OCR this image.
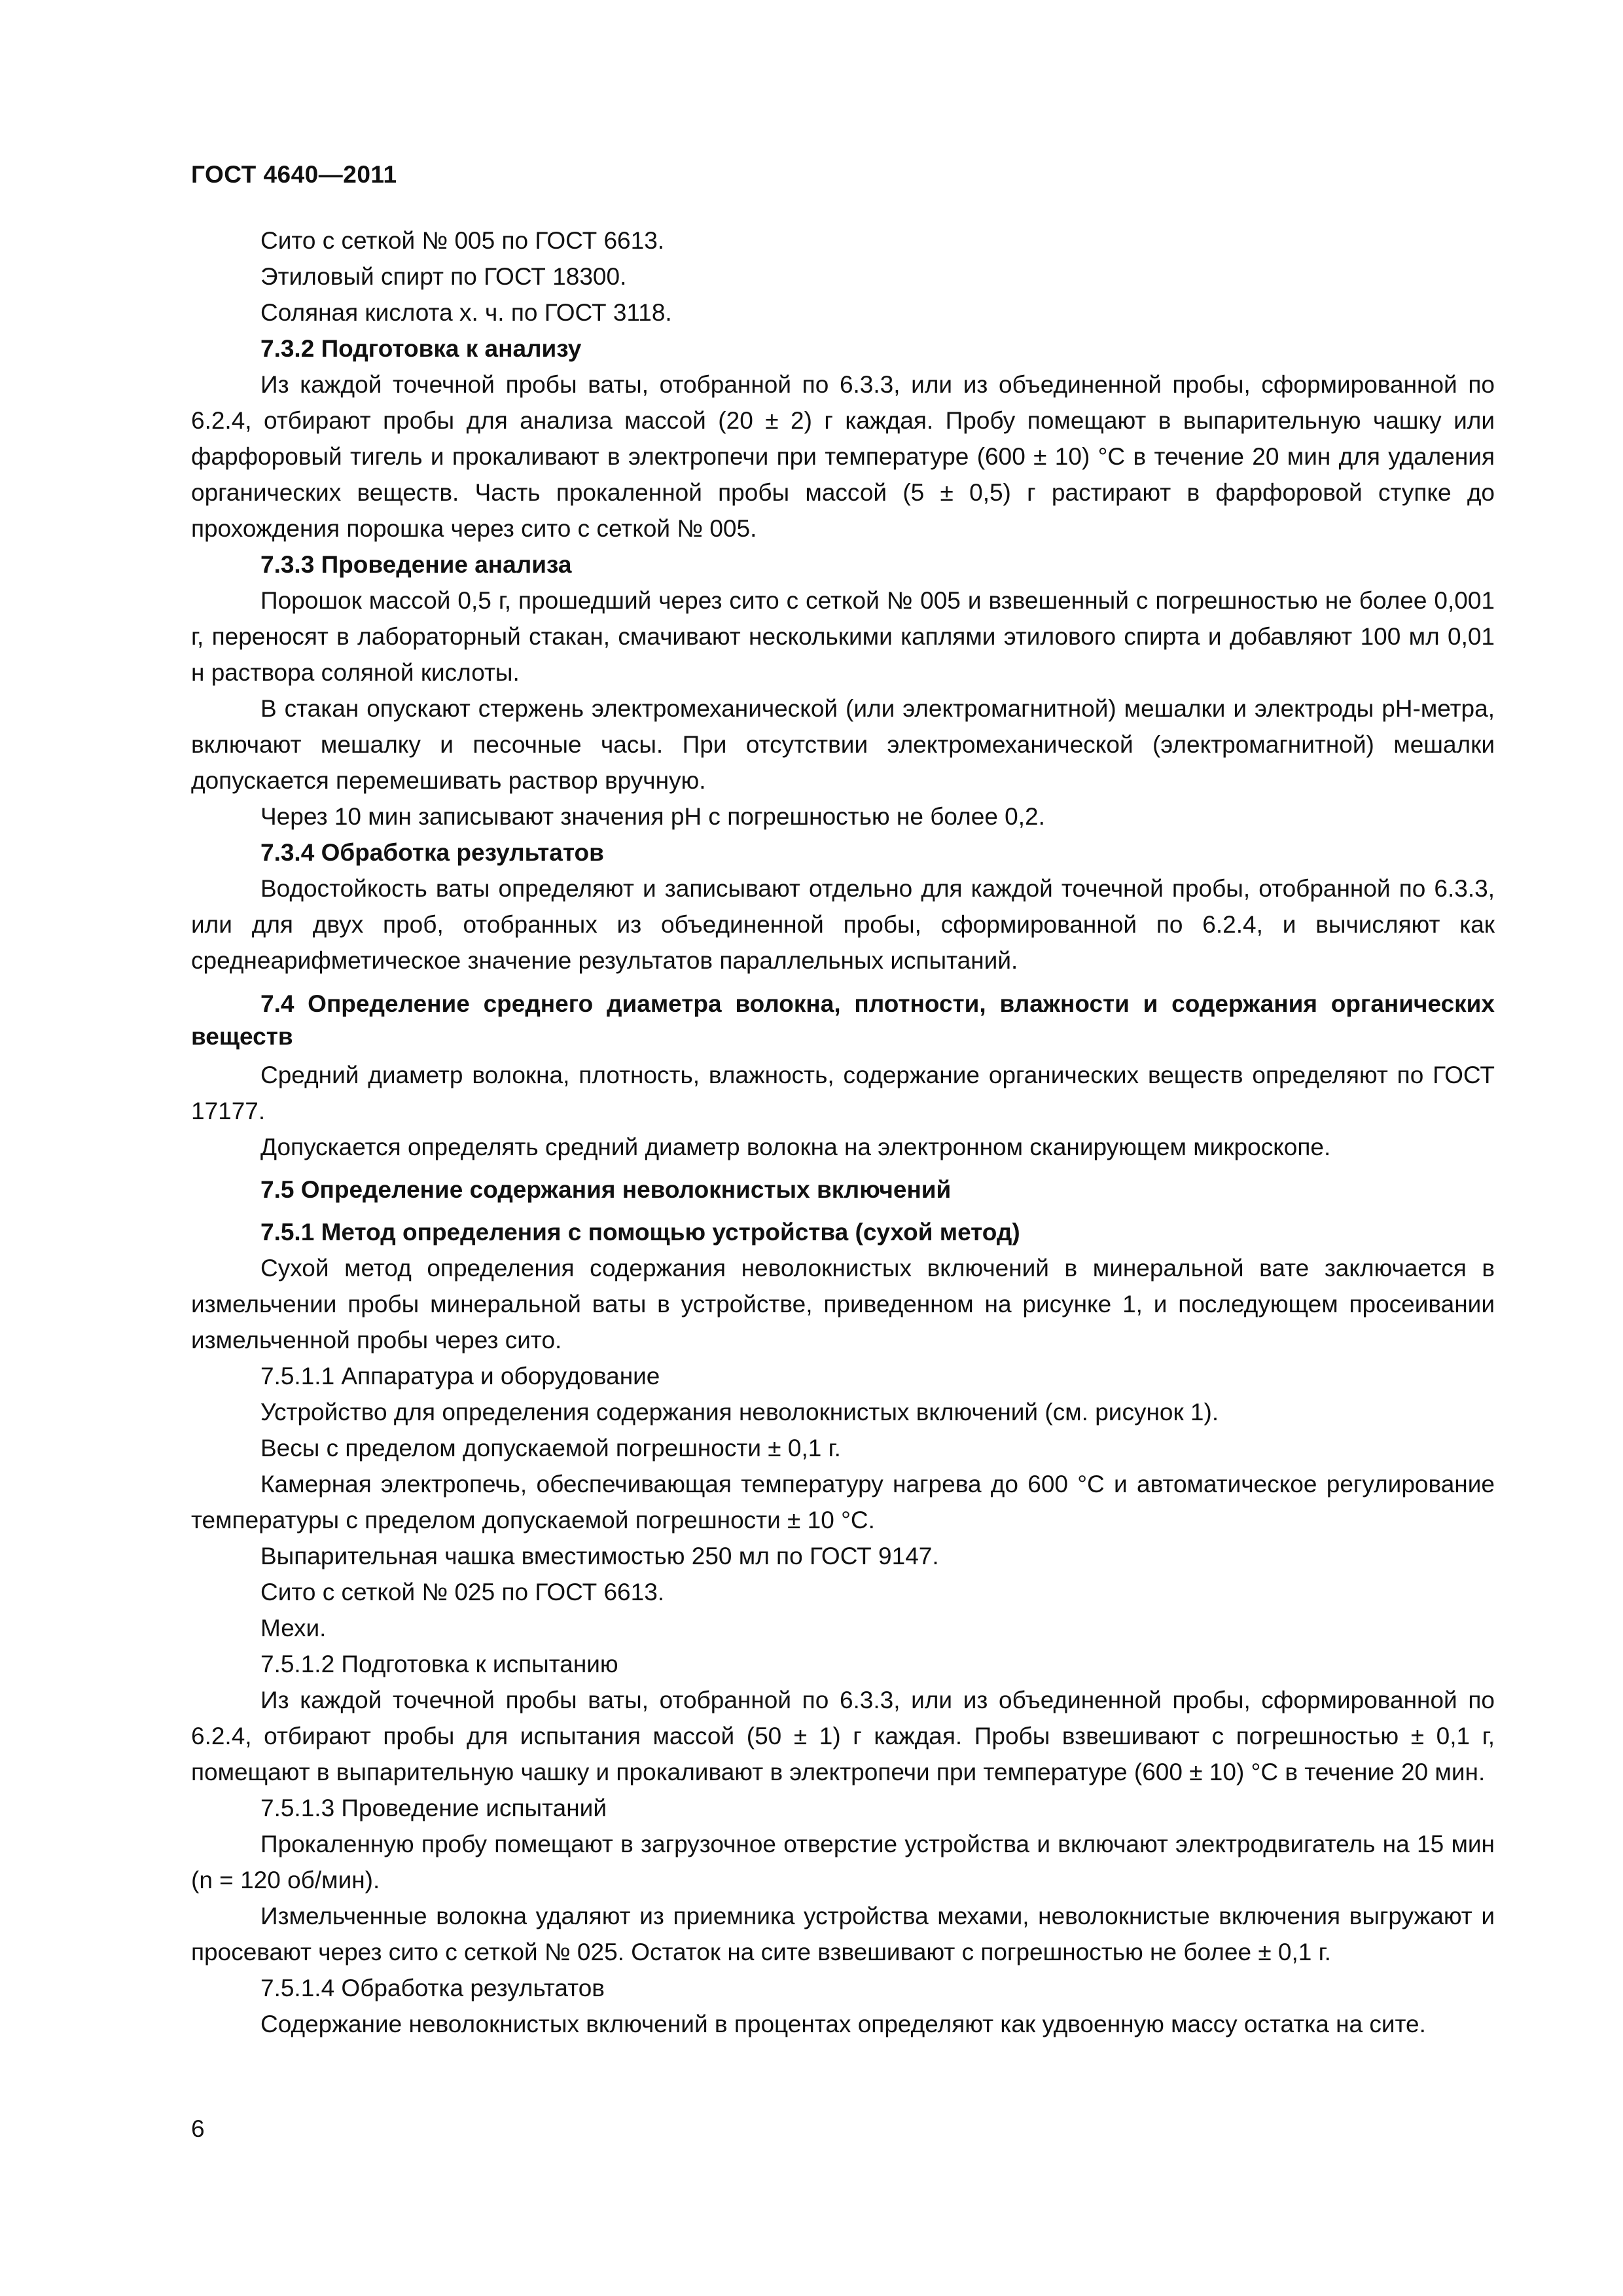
ГОСТ 4640—2011

Сито с сеткой № 005 по ГОСТ 6613.

Этиловый спирт по ГОСТ 18300.

Соляная кислота х. ч. по ГОСТ 3118.

7.3.2 Подготовка к анализу

Из каждой точечной пробы ваты, отобранной по 6.3.3, или из объединенной пробы, сформированной по 6.2.4, отбирают пробы для анализа массой (20 ± 2) г каждая. Пробу помещают в выпарительную чашку или фарфоровый тигель и прокаливают в электропечи при температуре (600 ± 10) °С в течение 20 мин для удаления органических веществ. Часть прокаленной пробы массой (5 ± 0,5) г растирают в фарфоровой ступке до прохождения порошка через сито с сеткой № 005.

7.3.3 Проведение анализа

Порошок массой 0,5 г, прошедший через сито с сеткой № 005 и взвешенный с погрешностью не более 0,001 г, переносят в лабораторный стакан, смачивают несколькими каплями этилового спирта и добавляют 100 мл 0,01 н раствора соляной кислоты.

В стакан опускают стержень электромеханической (или электромагнитной) мешалки и электроды pH-метра, включают мешалку и песочные часы. При отсутствии электромеханической (электромагнитной) мешалки допускается перемешивать раствор вручную.

Через 10 мин записывают значения pH с погрешностью не более 0,2.

7.3.4 Обработка результатов

Водостойкость ваты определяют и записывают отдельно для каждой точечной пробы, отобранной по 6.3.3, или для двух проб, отобранных из объединенной пробы, сформированной по 6.2.4, и вычисляют как среднеарифметическое значение результатов параллельных испытаний.

7.4 Определение среднего диаметра волокна, плотности, влажности и содержания органических веществ

Средний диаметр волокна, плотность, влажность, содержание органических веществ определяют по ГОСТ 17177.

Допускается определять средний диаметр волокна на электронном сканирующем микроскопе.

7.5 Определение содержания неволокнистых включений

7.5.1 Метод определения с помощью устройства (сухой метод)

Сухой метод определения содержания неволокнистых включений в минеральной вате заключается в измельчении пробы минеральной ваты в устройстве, приведенном на рисунке 1, и последующем просеивании измельченной пробы через сито.

7.5.1.1 Аппаратура и оборудование

Устройство для определения содержания неволокнистых включений (см. рисунок 1).

Весы с пределом допускаемой погрешности ± 0,1 г.

Камерная электропечь, обеспечивающая температуру нагрева до 600 °С и автоматическое регулирование температуры с пределом допускаемой погрешности ± 10 °С.

Выпарительная чашка вместимостью 250 мл по ГОСТ 9147.

Сито с сеткой № 025 по ГОСТ 6613.

Мехи.

7.5.1.2 Подготовка к испытанию

Из каждой точечной пробы ваты, отобранной по 6.3.3, или из объединенной пробы, сформированной по 6.2.4, отбирают пробы для испытания массой (50 ± 1) г каждая. Пробы взвешивают с погрешностью ± 0,1 г, помещают в выпарительную чашку и прокаливают в электропечи при температуре (600 ± 10) °С в течение 20 мин.

7.5.1.3 Проведение испытаний

Прокаленную пробу помещают в загрузочное отверстие устройства и включают электродвигатель на 15 мин (n = 120 об/мин).

Измельченные волокна удаляют из приемника устройства мехами, неволокнистые включения выгружают и просевают через сито с сеткой № 025. Остаток на сите взвешивают с погрешностью не более ± 0,1 г.

7.5.1.4 Обработка результатов

Содержание неволокнистых включений в процентах определяют как удвоенную массу остатка на сите.

6
